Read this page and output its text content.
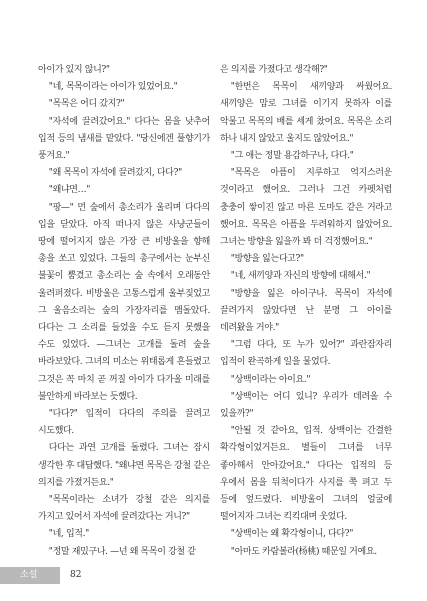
아이가 있지 않니?"

"네, 목목이라는 아이가 있었어요."

"목목은 어디 갔지?"

"자석에 끌려갔어요." 다다는 몸을 낮추어 입적 등의 냄새를 맡았다. "당신에겐 풀향기가 풍겨요."

"왜 목목이 자석에 끌려갔지, 다다?"

"왜냐면…"

"팡—" 먼 숲에서 총소리가 울리며 다다의 입을 닫았다. 아직 떠나지 않은 사냥군들이 땅에 떨어지지 않은 가장 큰 비방울을 향해 총을 쏘고 있었다. 그들의 총구에서는 눈부신 불꽃이 뿜겼고 총소리는 숲 속에서 오래동안 울려퍼졌다. 비방울은 고통스럽게 울부짖었고 그 울음소리는 숲의 가장자리를 맴돌았다. 다다는 그 소리를 들었을 수도 듣지 못했을 수도 있었다. —그녀는 고개를 돌려 숲을 바라보았다. 그녀의 미소는 위태롭게 흔들렸고 그것은 꼭 마치 곧 꺼질 아이가 다가올 미래를 불안하게 바라보는 듯했다.

"다다?" 입적이 다다의 주의를 끌려고 시도했다.

다다는 과연 고개를 돌렸다. 그녀는 잠시 생각한 후 대답했다. "왜냐면 목목은 강철 같은 의지를 가졌거든요."

"목목이라는 소녀가 강철 같은 의지를 가지고 있어서 자석에 끌려갔다는 거니?"

"네, 입적."

"정말 재밌구나. —넌 왜 목목이 강철 같

은 의지를 가졌다고 생각해?"

"한번은 목목이 새끼양과 싸웠어요. 새끼양은 맘로 그녀를 이기지 못하자 이를 악물고 목목의 배를 세게 찼어요. 목목은 소리 하나 내지 않았고 울지도 않았어요."

"그 애는 정말 용감하구나, 다다."

"목목은 아픔이 지루하고 억지스러운 것이라고 했어요. 그러나 그건 카펫처럼 충충이 쌓이진 않고 마른 도마도 같은 거라고 했어요. 목목은 아픔을 두려워하지 않았어요. 그녀는 방향을 잃을까 봐 더 걱정했어요."

"방향을 잃는다고?"

"네, 새끼양과 자신의 방향에 대해서."

"방향을 잃은 아이구나. 목목이 자석에 끌려가지 않았다면 난 분명 그 아이를 데려왔을 거야."

"그럼 다다, 또 누가 있어?" 과란잠자리 입적이 완곡하게 일을 물었다.

"상백이라는 아이요."

"상백이는 어디 있니? 우리가 데려올 수 있을까?"

"안될 것 같아요, 입적. 상백이는 간결한 확각형이었거든요. 별들이 그녀를 너무 좋아해서 안아갔어요." 다다는 입적의 등 우에서 몸을 뒤척이다가 사지를 쭉 펴고 두 등에 엎드렸다. 비방울이 그녀의 얼굴에 떨어지자 그녀는 킥킥대며 웃었다.

"상백이는 왜 확각형이니, 다다?"

"아마도 카람볼라(杨桃) 때문일 거예요.

소설	82
